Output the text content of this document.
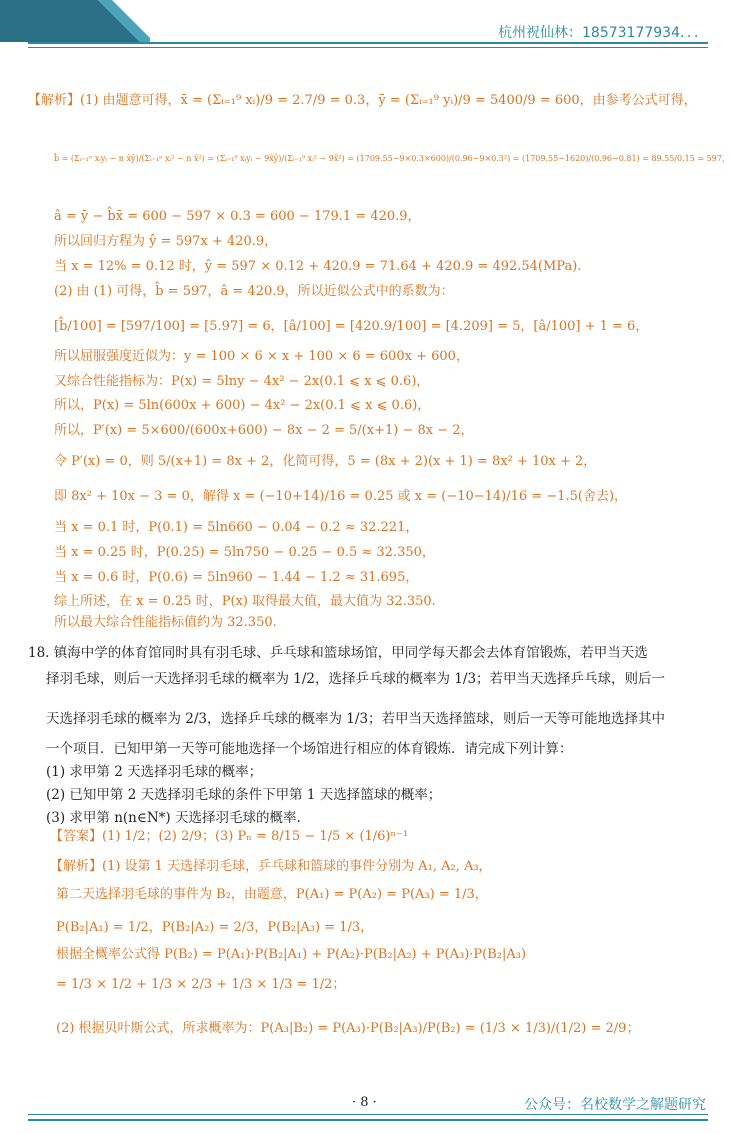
杭州祝仙林：18573177934．．．
【解析】(1) 由题意可得，x̄ = (Σᵢ₌₁⁹ xᵢ)/9 = 2.7/9 = 0.3，ȳ = (Σᵢ₌₁⁹ yᵢ)/9 = 5400/9 = 600，由参考公式可得，
b̂ = (Σᵢ₌₁ⁿ xᵢyᵢ − n x̄ȳ)/(Σᵢ₌₁ⁿ xᵢ² − n x̄²) = (Σᵢ₌₁⁹ xᵢyᵢ − 9x̄ȳ)/(Σᵢ₌₁⁹ xᵢ² − 9x̄²) = (1709.55−9×0.3×600)/(0.96−9×0.3²) = (1709.55−1620)/(0.96−0.81) = 89.55/0.15 = 597，
â = ȳ − b̂x̄ = 600 − 597 × 0.3 = 600 − 179.1 = 420.9，
所以回归方程为 ŷ = 597x + 420.9，
当 x = 12% = 0.12 时，ŷ = 597 × 0.12 + 420.9 = 71.64 + 420.9 = 492.54(MPa).
(2) 由 (1) 可得，b̂ = 597，â = 420.9，所以近似公式中的系数为：
[b̂/100] = [597/100] = [5.97] = 6，[â/100] = [420.9/100] = [4.209] = 5，[â/100] + 1 = 6，
所以屈服强度近似为：y = 100 × 6 × x + 100 × 6 = 600x + 600，
又综合性能指标为：P(x) = 5lny − 4x² − 2x(0.1 ⩽ x ⩽ 0.6)，
所以，P(x) = 5ln(600x + 600) − 4x² − 2x(0.1 ⩽ x ⩽ 0.6)，
所以，P′(x) = 5×600/(600x+600) − 8x − 2 = 5/(x+1) − 8x − 2，
令 P′(x) = 0，则 5/(x+1) = 8x + 2，化简可得，5 = (8x + 2)(x + 1) = 8x² + 10x + 2，
即 8x² + 10x − 3 = 0，解得 x = (−10+14)/16 = 0.25 或 x = (−10−14)/16 = −1.5(舍去)，
当 x = 0.1 时，P(0.1) = 5ln660 − 0.04 − 0.2 ≈ 32.221，
当 x = 0.25 时，P(0.25) = 5ln750 − 0.25 − 0.5 ≈ 32.350，
当 x = 0.6 时，P(0.6) = 5ln960 − 1.44 − 1.2 ≈ 31.695，
综上所述，在 x = 0.25 时，P(x) 取得最大值，最大值为 32.350.
所以最大综合性能指标值约为 32.350.
18. 镇海中学的体育馆同时具有羽毛球、乒乓球和篮球场馆，甲同学每天都会去体育馆锻炼，若甲当天选
择羽毛球，则后一天选择羽毛球的概率为 1/2，选择乒乓球的概率为 1/3；若甲当天选择乒乓球，则后一
天选择羽毛球的概率为 2/3，选择乒乓球的概率为 1/3；若甲当天选择篮球，则后一天等可能地选择其中
一个项目．已知甲第一天等可能地选择一个场馆进行相应的体育锻炼．请完成下列计算：
(1) 求甲第 2 天选择羽毛球的概率；
(2) 已知甲第 2 天选择羽毛球的条件下甲第 1 天选择篮球的概率；
(3) 求甲第 n(n∈N*) 天选择羽毛球的概率.
【答案】(1) 1/2；(2) 2/9；(3) Pₙ = 8/15 − 1/5 × (1/6)ⁿ⁻¹
【解析】(1) 设第 1 天选择羽毛球，乒乓球和篮球的事件分别为 A₁, A₂, A₃，
第二天选择羽毛球的事件为 B₂，由题意，P(A₁) = P(A₂) = P(A₃) = 1/3，
P(B₂|A₁) = 1/2，P(B₂|A₂) = 2/3，P(B₂|A₃) = 1/3，
根据全概率公式得 P(B₂) = P(A₁)·P(B₂|A₁) + P(A₂)·P(B₂|A₂) + P(A₃)·P(B₂|A₃)
= 1/3 × 1/2 + 1/3 × 2/3 + 1/3 × 1/3 = 1/2；
(2) 根据贝叶斯公式，所求概率为：P(A₃|B₂) = P(A₃)·P(B₂|A₃)/P(B₂) = (1/3 × 1/3)/(1/2) = 2/9；
· 8 ·	公众号：名校数学之解题研究
